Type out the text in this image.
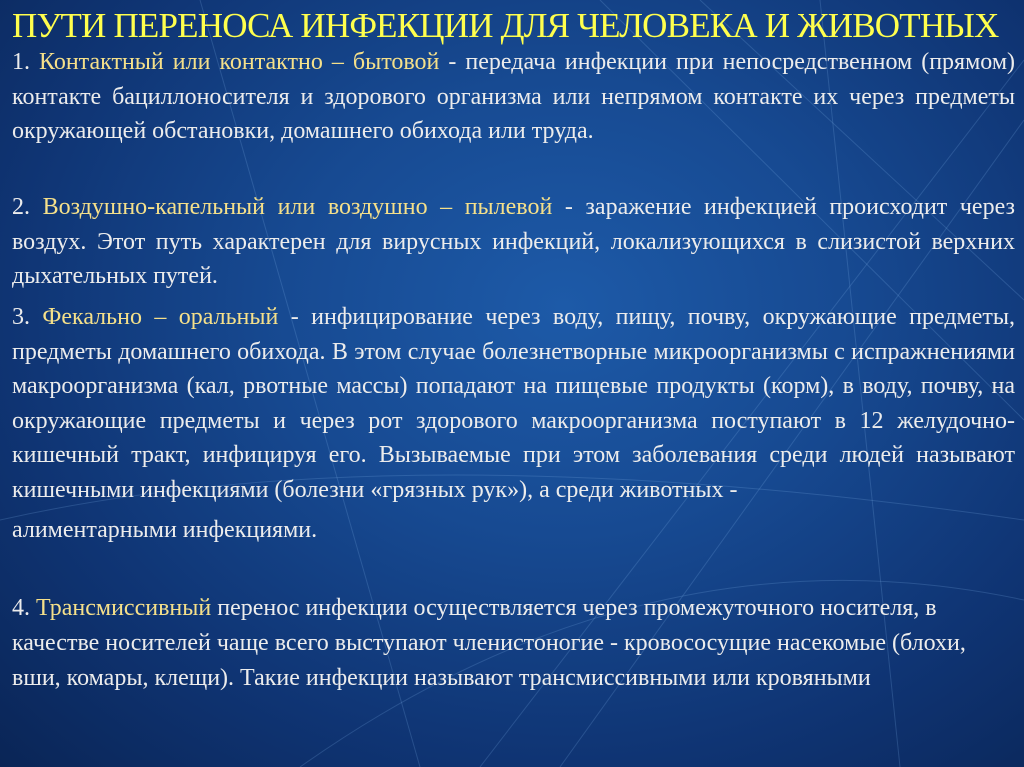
ПУТИ ПЕРЕНОСА ИНФЕКЦИИ ДЛЯ ЧЕЛОВЕКА И ЖИВОТНЫХ

1. Контактный или контактно – бытовой - передача инфекции при непосредственном (прямом) контакте бациллоносителя и здорового организма или непрямом контакте их через предметы окружающей обстановки, домашнего обихода или труда.

2. Воздушно-капельный или воздушно – пылевой - заражение инфекцией происходит через воздух. Этот путь характерен для вирусных инфекций, локализующихся в слизистой верхних дыхательных путей.

3. Фекально – оральный - инфицирование через воду, пищу, почву, окружающие предметы, предметы домашнего обихода. В этом случае болезнетворные микроорганизмы с испражнениями макроорганизма (кал, рвотные массы) попадают на пищевые продукты (корм), в воду, почву, на окружающие предметы и через рот здорового макроорганизма поступают в 12 желудочно-кишечный тракт, инфицируя его. Вызываемые при этом заболевания среди людей называют кишечными инфекциями (болезни «грязных рук»), а среди животных -
алиментарными инфекциями.

4. Трансмиссивный перенос инфекции осуществляется через промежуточного носителя, в качестве носителей чаще всего выступают членистоногие - кровососущие насекомые (блохи, вши, комары, клещи). Такие инфекции называют трансмиссивными или кровяными
